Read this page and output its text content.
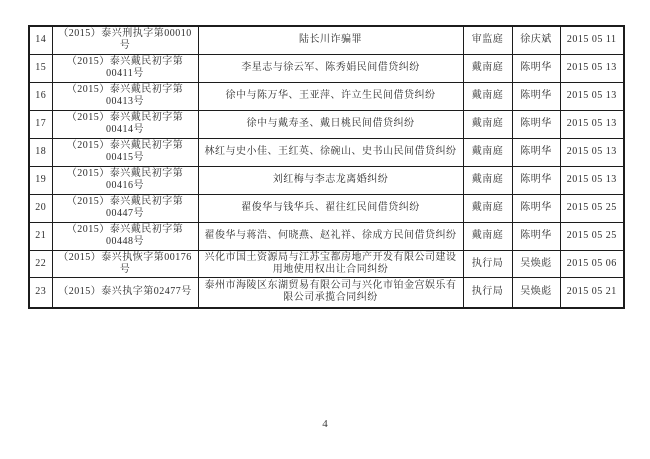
14	（2015）泰兴刑执字第00010号	陆长川诈骗罪	审监庭	徐庆斌	2015 05 11
15	（2015）泰兴戴民初字第00411号	李星志与徐云军、陈秀娟民间借贷纠纷	戴南庭	陈明华	2015 05 13
16	（2015）泰兴戴民初字第00413号	徐中与陈万华、王亚萍、许立生民间借贷纠纷	戴南庭	陈明华	2015 05 13
17	（2015）泰兴戴民初字第00414号	徐中与戴寿圣、戴日桃民间借贷纠纷	戴南庭	陈明华	2015 05 13
18	（2015）泰兴戴民初字第00415号	林红与史小佳、王红英、徐碗山、史书山民间借贷纠纷	戴南庭	陈明华	2015 05 13
19	（2015）泰兴戴民初字第00416号	刘红梅与李志龙离婚纠纷	戴南庭	陈明华	2015 05 13
20	（2015）泰兴戴民初字第00447号	翟俊华与钱华兵、翟往红民间借贷纠纷	戴南庭	陈明华	2015 05 25
21	（2015）泰兴戴民初字第00448号	翟俊华与蒋浩、何晓燕、赵礼祥、徐成方民间借贷纠纷	戴南庭	陈明华	2015 05 25
22	（2015）泰兴执恢字第00176号	兴化市国土资源局与江苏宝都房地产开发有限公司建设用地使用权出让合同纠纷	执行局	吴焕彪	2015 05 06
23	（2015）泰兴执字第02477号	泰州市海陵区东湖贸易有限公司与兴化市铂金宫娱乐有限公司承揽合同纠纷	执行局	吴焕彪	2015 05 21
4
